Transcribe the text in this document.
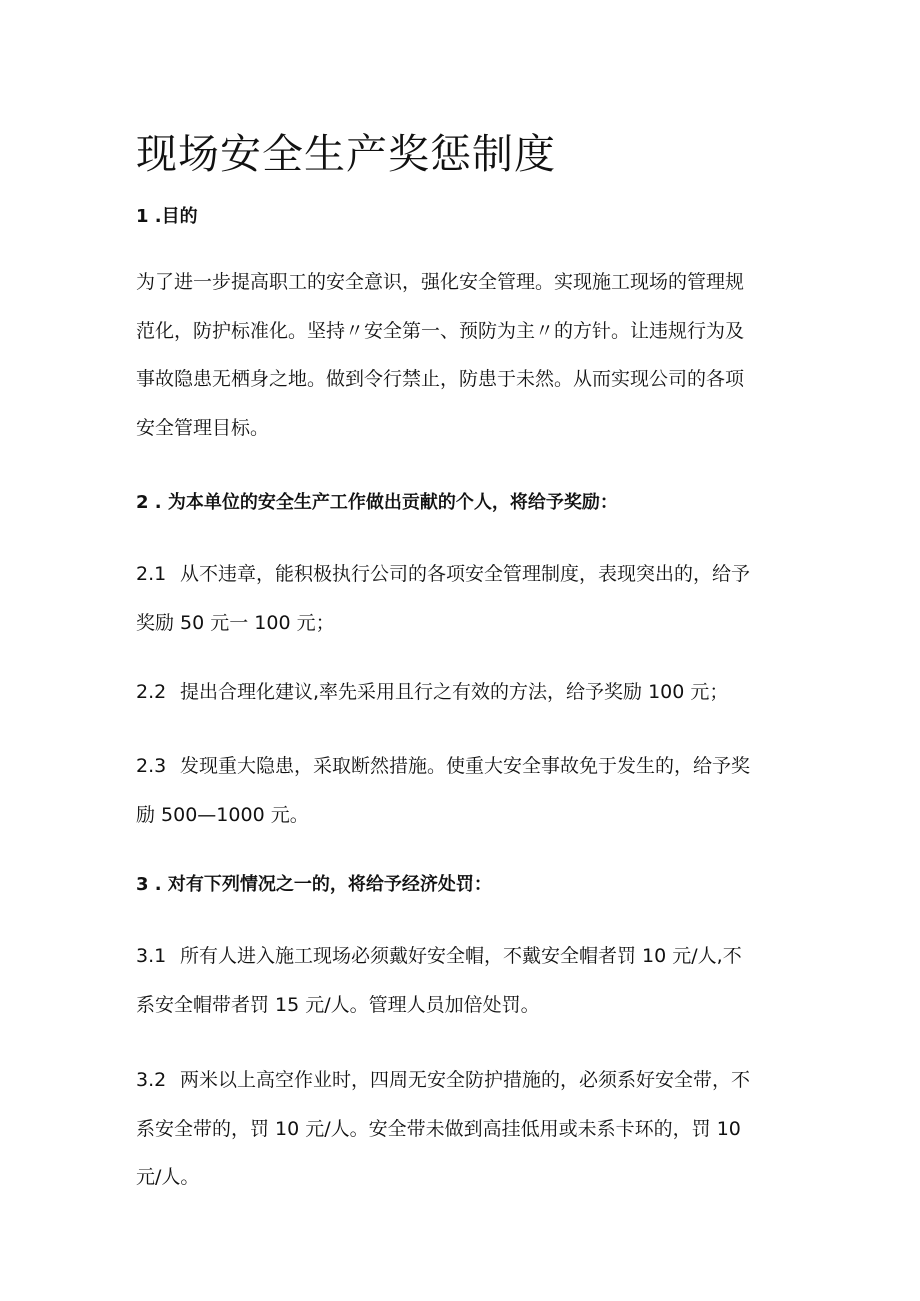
现场安全生产奖惩制度
1 .目的
为了进一步提高职工的安全意识，强化安全管理。实现施工现场的管理规
范化，防护标准化。坚持〃安全第一、预防为主〃的方针。让违规行为及
事故隐患无栖身之地。做到令行禁止，防患于未然。从而实现公司的各项
安全管理目标。
2 . 为本单位的安全生产工作做出贡献的个人，将给予奖励：
2.1 从不违章，能积极执行公司的各项安全管理制度，表现突出的，给予
奖励 50 元一 100 元；
2.2 提出合理化建议,率先采用且行之有效的方法，给予奖励 100 元；
2.3 发现重大隐患，采取断然措施。使重大安全事故免于发生的，给予奖
励 500—1000 元。
3 . 对有下列情况之一的，将给予经济处罚：
3.1 所有人进入施工现场必须戴好安全帽，不戴安全帽者罚 10 元/人,不
系安全帽带者罚 15 元/人。管理人员加倍处罚。
3.2 两米以上高空作业时，四周无安全防护措施的，必须系好安全带，不
系安全带的，罚 10 元/人。安全带未做到高挂低用或未系卡环的，罚 10
元/人。
